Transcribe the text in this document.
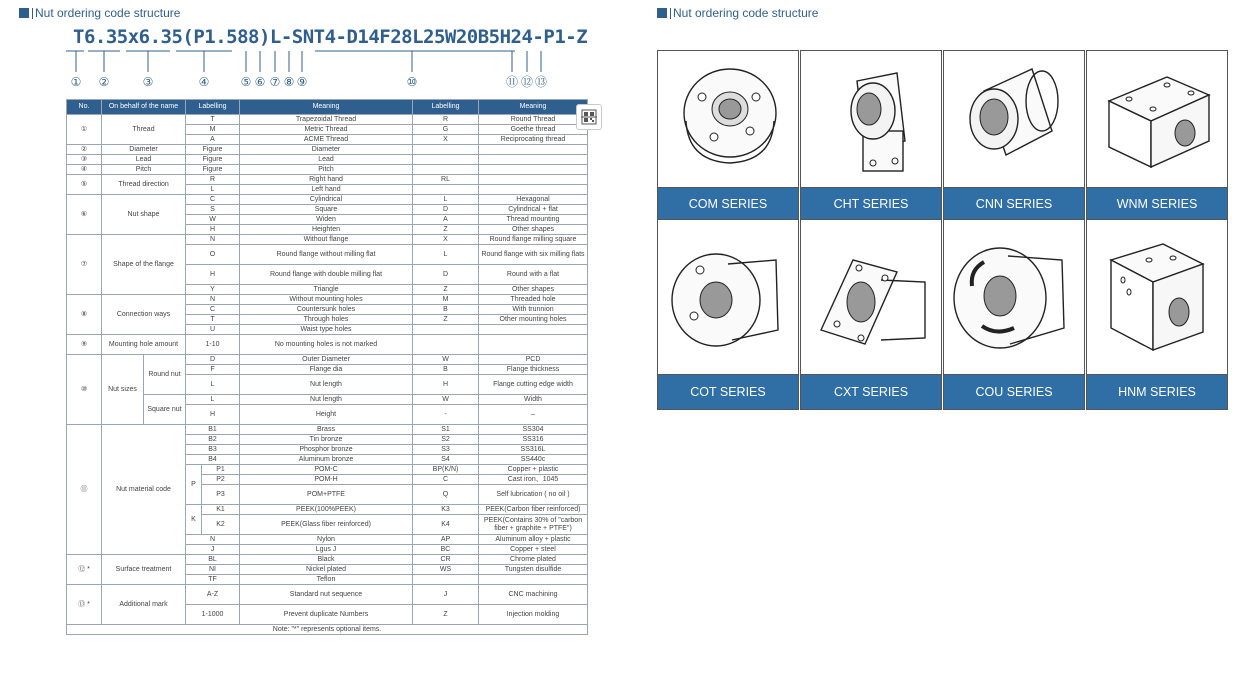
Nut ordering code structure
T6.35x6.35(P1.588)L-SNT4-D14F28L25W20B5H24-P1-Z
① ②	③	④	⑤ ⑥ ⑦ ⑧ ⑨	⑩	⑪ ⑫ ⑬
No.	On behalf of the name		Labelling		Meaning	Labelling	Meaning
①	Thread		T		Trapezoidal Thread	R	Round Thread
			M		Metric Thread	G	Goethe thread
			A		ACME Thread	X	Reciprocating thread
②	Diameter		Figure		Diameter		
③	Lead		Figure		Lead		
④	Pitch		Figure		Pitch		
⑤	Thread direction		R		Right hand	RL	
			L		Left hand		
⑥	Nut shape		C		Cylindrical	L	Hexagonal
			S		Square	D	Cylindrical + flat
			W		Widen	A	Thread mounting
			H		Heighten	Z	Other shapes
⑦	Shape of the flange		N		Without flange	X	Round flange milling square
			O		Round flange without milling flat	L	Round flange with six milling flats
			H		Round flange with double milling flat	D	Round with a flat
			Y		Triangle	Z	Other shapes
⑧	Connection ways		N		Without mounting holes	M	Threaded hole
			C		Countersunk holes	B	With trunnion
			T		Through holes	Z	Other mounting holes
			U		Waist type holes		
⑨	Mounting hole amount		1-10		No mounting holes is not marked		
⑩	Nut sizes	Round nut	D		Outer Diameter	W	PCD
			F		Flange dia	B	Flange thickness
			L		Nut length	H	Flange cutting edge width
		Square nut	L		Nut length	W	Width
			H		Height	-	–
⑪	Nut material code		B1		Brass	S1	SS304
			B2		Tin bronze	S2	SS316
			B3		Phosphor bronze	S3	SS316L
			B4		Aluminum bronze	S4	SS440c
			P	P1	POM-C	BP(K/N)	Copper + plastic
				P2	POM-H	C	Cast iron、1045
				P3	POM+PTFE	Q	Self lubrication ( no oil )
			K	K1	PEEK(100%PEEK)	K3	PEEK(Carbon fiber reinforced)
				K2	PEEK(Glass fiber reinforced)	K4	PEEK(Contains 30% of "carbon fiber + graphite + PTFE")
			N		Nylon	AP	Aluminum alloy + plastic
			J		Lgus J	BC	Copper + steel
⑫ *	Surface treatment		BL		Black	CR	Chrome plated
			NI		Nickel plated	WS	Tungsten disulfide
			TF		Teflon		
⑬ *	Additional mark		A-Z		Standard nut sequence	J	CNC machining
			1-1000		Prevent duplicate Numbers	Z	Injection molding
Note: "*" represents optional items.							
Nut ordering code structure
COM SERIES	CHT SERIES	CNN SERIES	WNM SERIES
COT SERIES	CXT SERIES	COU SERIES	HNM SERIES
